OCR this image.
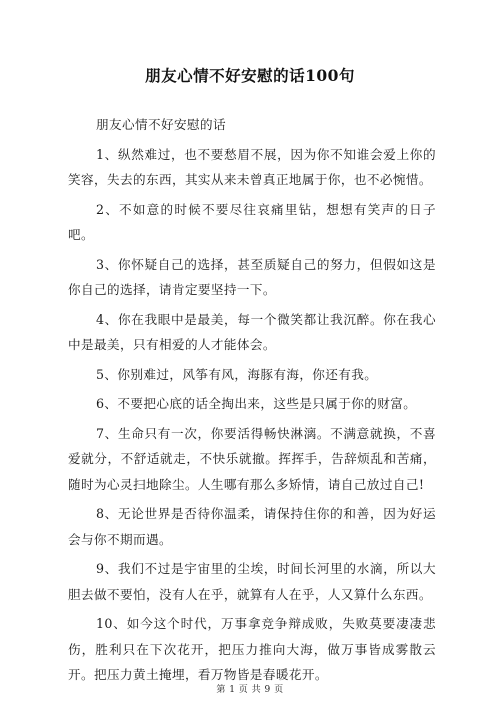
朋友心情不好安慰的话100句

朋友心情不好安慰的话

1、纵然难过，也不要愁眉不展，因为你不知谁会爱上你的笑容，失去的东西，其实从来未曾真正地属于你，也不必惋惜。

2、不如意的时候不要尽往哀痛里钻，想想有笑声的日子吧。

3、你怀疑自己的选择，甚至质疑自己的努力，但假如这是你自己的选择，请肯定要坚持一下。

4、你在我眼中是最美，每一个微笑都让我沉醉。你在我心中是最美，只有相爱的人才能体会。

5、你别难过，风筝有风，海豚有海，你还有我。

6、不要把心底的话全掏出来，这些是只属于你的财富。

7、生命只有一次，你要活得畅快淋漓。不满意就换，不喜爱就分，不舒适就走，不快乐就撤。挥挥手，告辞烦乱和苦痛，随时为心灵扫地除尘。人生哪有那么多矫情，请自己放过自己!

8、无论世界是否待你温柔，请保持住你的和善，因为好运会与你不期而遇。

9、我们不过是宇宙里的尘埃，时间长河里的水滴，所以大胆去做不要怕，没有人在乎，就算有人在乎，人又算什么东西。

10、如今这个时代，万事拿竞争辩成败，失败莫要凄凄悲伤，胜利只在下次花开，把压力推向大海，做万事皆成雾散云开。把压力黄土掩埋，看万物皆是春暖花开。

第 1 页 共 9 页
